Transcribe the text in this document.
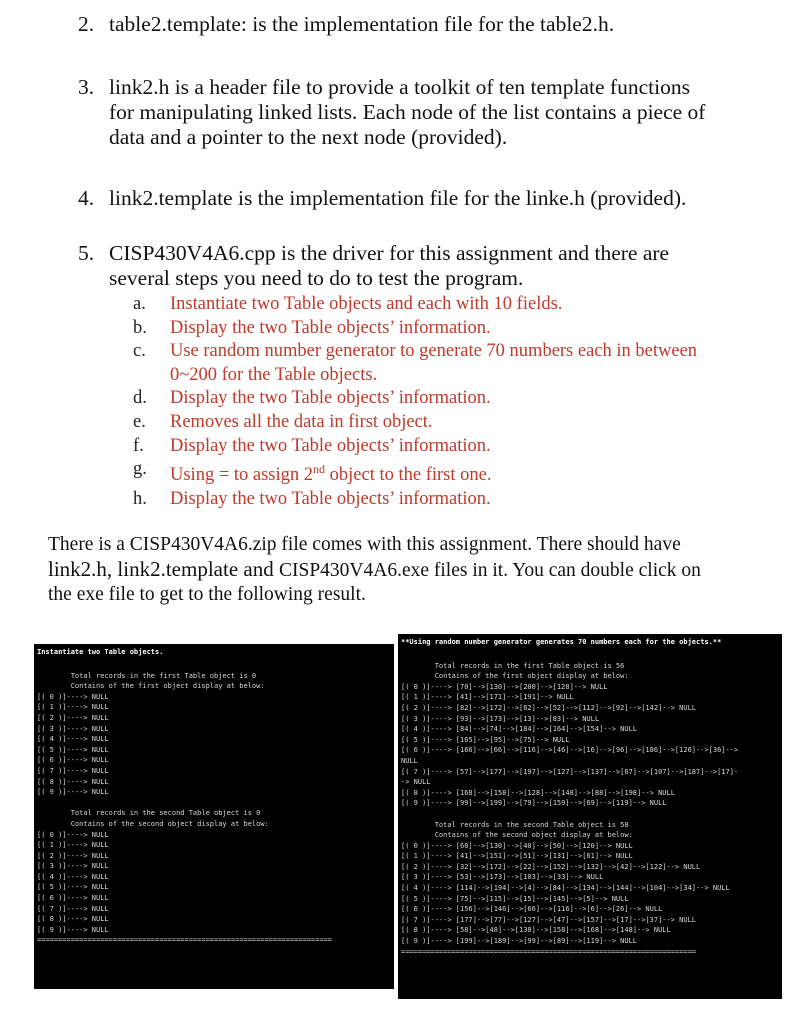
2. table2.template: is the implementation file for the table2.h.
3. link2.h is a header file to provide a toolkit of ten template functions
for manipulating linked lists. Each node of the list contains a piece of
data and a pointer to the next node (provided).
4. link2.template is the implementation file for the linke.h (provided).
5. CISP430V4A6.cpp is the driver for this assignment and there are
several steps you need to do to test the program.
a. Instantiate two Table objects and each with 10 fields.
b. Display the two Table objects’ information.
c. Use random number generator to generate 70 numbers each in between
0~200 for the Table objects.
d. Display the two Table objects’ information.
e. Removes all the data in first object.
f. Display the two Table objects’ information.
g. Using = to assign 2nd object to the first one.
h. Display the two Table objects’ information.
There is a CISP430V4A6.zip file comes with this assignment. There should have
link2.h, link2.template and CISP430V4A6.exe files in it. You can double click on
the exe file to get to the following result.
Instantiate two Table objects.

Total records in the first Table object is 0
Contains of the first object display at below:
[( 0 )]----> NULL
[( 1 )]----> NULL
[( 2 )]----> NULL
[( 3 )]----> NULL
[( 4 )]----> NULL
[( 5 )]----> NULL
[( 6 )]----> NULL
[( 7 )]----> NULL
[( 8 )]----> NULL
[( 9 )]----> NULL

Total records in the second Table object is 0
Contains of the second object display at below:
[( 0 )]----> NULL
[( 1 )]----> NULL
[( 2 )]----> NULL
[( 3 )]----> NULL
[( 4 )]----> NULL
[( 5 )]----> NULL
[( 6 )]----> NULL
[( 7 )]----> NULL
[( 8 )]----> NULL
[( 9 )]----> NULL
======================================================================
**Using random number generator generates 70 numbers each for the objects.**

Total records in the first Table object is 56
Contains of the first object display at below:
[( 0 )]----> [70]-->[130]-->[200]-->[120]--> NULL
[( 1 )]----> [41]-->[171]-->[191]--> NULL
[( 2 )]----> [82]-->[172]-->[62]-->[52]-->[112]-->[92]-->[142]--> NULL
[( 3 )]----> [93]-->[173]-->[13]-->[83]--> NULL
[( 4 )]----> [84]-->[74]-->[184]-->[164]-->[154]--> NULL
[( 5 )]----> [165]-->[95]-->[75]--> NULL
[( 6 )]----> [166]-->[66]-->[116]-->[46]-->[16]-->[96]-->[186]-->[126]-->[36]-->
NULL
[( 7 )]----> [57]-->[177]-->[197]-->[127]-->[137]-->[67]-->[107]-->[187]-->[17]-
-> NULL
[( 8 )]----> [168]-->[158]-->[128]-->[148]-->[88]-->[198]--> NULL
[( 9 )]----> [99]-->[199]-->[79]-->[159]-->[69]-->[119]--> NULL

Total records in the second Table object is 58
Contains of the second object display at below:
[( 0 )]----> [60]-->[130]-->[40]-->[50]-->[120]--> NULL
[( 1 )]----> [41]-->[151]-->[51]-->[131]-->[61]--> NULL
[( 2 )]----> [32]-->[172]-->[22]-->[152]-->[132]-->[42]-->[122]--> NULL
[( 3 )]----> [53]-->[173]-->[103]-->[33]--> NULL
[( 4 )]----> [114]-->[194]-->[4]-->[84]-->[134]-->[144]-->[104]-->[34]--> NULL
[( 5 )]----> [75]-->[115]-->[15]-->[145]-->[5]--> NULL
[( 6 )]----> [156]-->[146]-->[66]-->[116]-->[6]-->[26]--> NULL
[( 7 )]----> [177]-->[77]-->[127]-->[47]-->[157]-->[17]-->[37]--> NULL
[( 8 )]----> [58]-->[48]-->[138]-->[158]-->[168]-->[148]--> NULL
[( 9 )]----> [199]-->[189]-->[99]-->[89]-->[119]--> NULL
======================================================================
